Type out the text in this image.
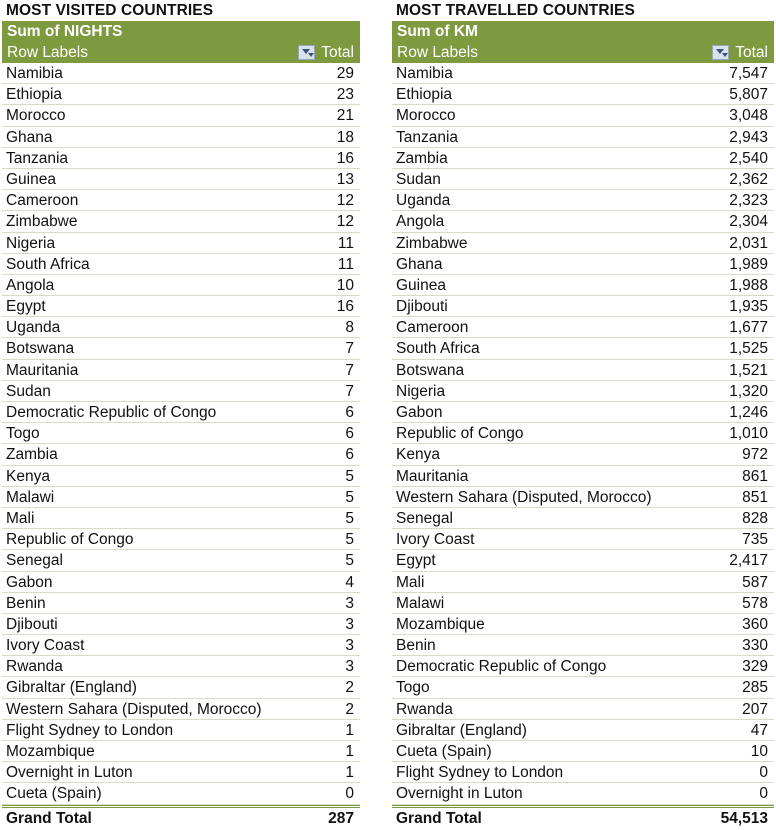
MOST VISITED COUNTRIES
Sum of NIGHTS
Row Labels	Total
Namibia	29
Ethiopia	23
Morocco	21
Ghana	18
Tanzania	16
Guinea	13
Cameroon	12
Zimbabwe	12
Nigeria	11
South Africa	11
Angola	10
Egypt	16
Uganda	8
Botswana	7
Mauritania	7
Sudan	7
Democratic Republic of Congo	6
Togo	6
Zambia	6
Kenya	5
Malawi	5
Mali	5
Republic of Congo	5
Senegal	5
Gabon	4
Benin	3
Djibouti	3
Ivory Coast	3
Rwanda	3
Gibraltar (England)	2
Western Sahara (Disputed, Morocco)	2
Flight Sydney to London	1
Mozambique	1
Overnight in Luton	1
Cueta (Spain)	0
Grand Total	287
MOST TRAVELLED COUNTRIES
Sum of KM
Row Labels	Total
Namibia	7,547
Ethiopia	5,807
Morocco	3,048
Tanzania	2,943
Zambia	2,540
Sudan	2,362
Uganda	2,323
Angola	2,304
Zimbabwe	2,031
Ghana	1,989
Guinea	1,988
Djibouti	1,935
Cameroon	1,677
South Africa	1,525
Botswana	1,521
Nigeria	1,320
Gabon	1,246
Republic of Congo	1,010
Kenya	972
Mauritania	861
Western Sahara (Disputed, Morocco)	851
Senegal	828
Ivory Coast	735
Egypt	2,417
Mali	587
Malawi	578
Mozambique	360
Benin	330
Democratic Republic of Congo	329
Togo	285
Rwanda	207
Gibraltar (England)	47
Cueta (Spain)	10
Flight Sydney to London	0
Overnight in Luton	0
Grand Total	54,513
